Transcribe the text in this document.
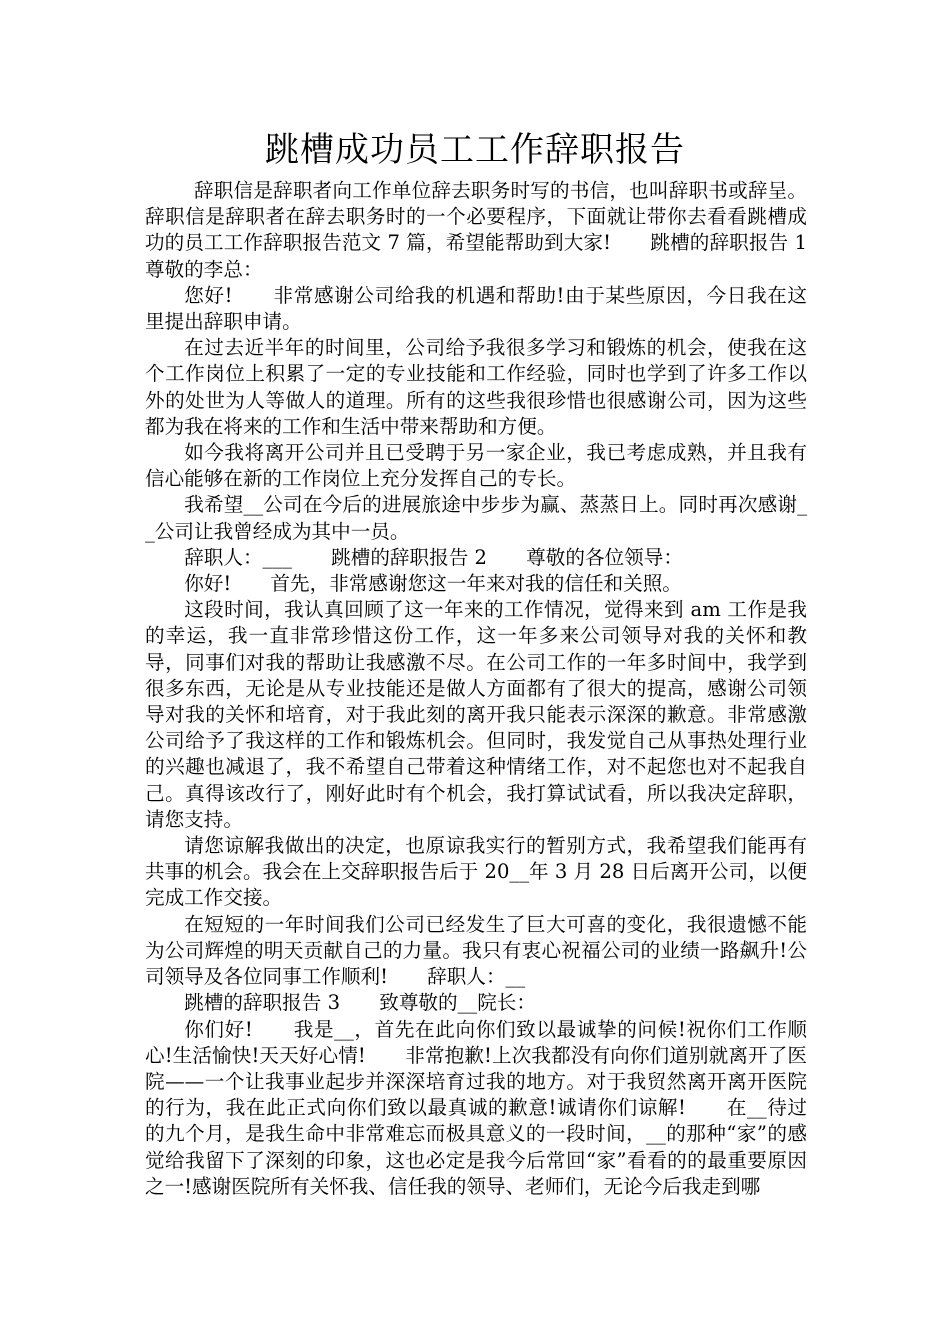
跳槽成功员工工作辞职报告

辞职信是辞职者向工作单位辞去职务时写的书信，也叫辞职书或辞呈。辞职信是辞职者在辞去职务时的一个必要程序，下面就让带你去看看跳槽成功的员工工作辞职报告范文 7 篇，希望能帮助到大家!　　跳槽的辞职报告 1　　尊敬的李总：

您好!　　非常感谢公司给我的机遇和帮助!由于某些原因，今日我在这里提出辞职申请。

在过去近半年的时间里，公司给予我很多学习和锻炼的机会，使我在这个工作岗位上积累了一定的专业技能和工作经验，同时也学到了许多工作以外的处世为人等做人的道理。所有的这些我很珍惜也很感谢公司，因为这些都为我在将来的工作和生活中带来帮助和方便。

如今我将离开公司并且已受聘于另一家企业，我已考虑成熟，并且我有信心能够在新的工作岗位上充分发挥自己的专长。

我希望__公司在今后的进展旅途中步步为赢、蒸蒸日上。同时再次感谢__公司让我曾经成为其中一员。

辞职人：___　　跳槽的辞职报告 2　　尊敬的各位领导：

你好!　　首先，非常感谢您这一年来对我的信任和关照。

这段时间，我认真回顾了这一年来的工作情况，觉得来到 am 工作是我的幸运，我一直非常珍惜这份工作，这一年多来公司领导对我的关怀和教导，同事们对我的帮助让我感激不尽。在公司工作的一年多时间中，我学到很多东西，无论是从专业技能还是做人方面都有了很大的提高，感谢公司领导对我的关怀和培育，对于我此刻的离开我只能表示深深的歉意。非常感激公司给予了我这样的工作和锻炼机会。但同时，我发觉自己从事热处理行业的兴趣也减退了，我不希望自己带着这种情绪工作，对不起您也对不起我自己。真得该改行了，刚好此时有个机会，我打算试试看，所以我决定辞职，请您支持。

请您谅解我做出的决定，也原谅我实行的暂别方式，我希望我们能再有共事的机会。我会在上交辞职报告后于 20__年 3 月 28 日后离开公司，以便完成工作交接。

在短短的一年时间我们公司已经发生了巨大可喜的变化，我很遗憾不能为公司辉煌的明天贡献自己的力量。我只有衷心祝福公司的业绩一路飙升!公司领导及各位同事工作顺利!　　辞职人：__

跳槽的辞职报告 3　　致尊敬的__院长：

你们好!　　我是__，首先在此向你们致以最诚挚的问候!祝你们工作顺心!生活愉快!天天好心情!　　非常抱歉!上次我都没有向你们道别就离开了医院——一个让我事业起步并深深培育过我的地方。对于我贸然离开离开医院的行为，我在此正式向你们致以最真诚的歉意!诚请你们谅解!　　在__待过的九个月，是我生命中非常难忘而极具意义的一段时间，__的那种“家”的感觉给我留下了深刻的印象，这也必定是我今后常回“家”看看的的最重要原因之一!感谢医院所有关怀我、信任我的领导、老师们，无论今后我走到哪
